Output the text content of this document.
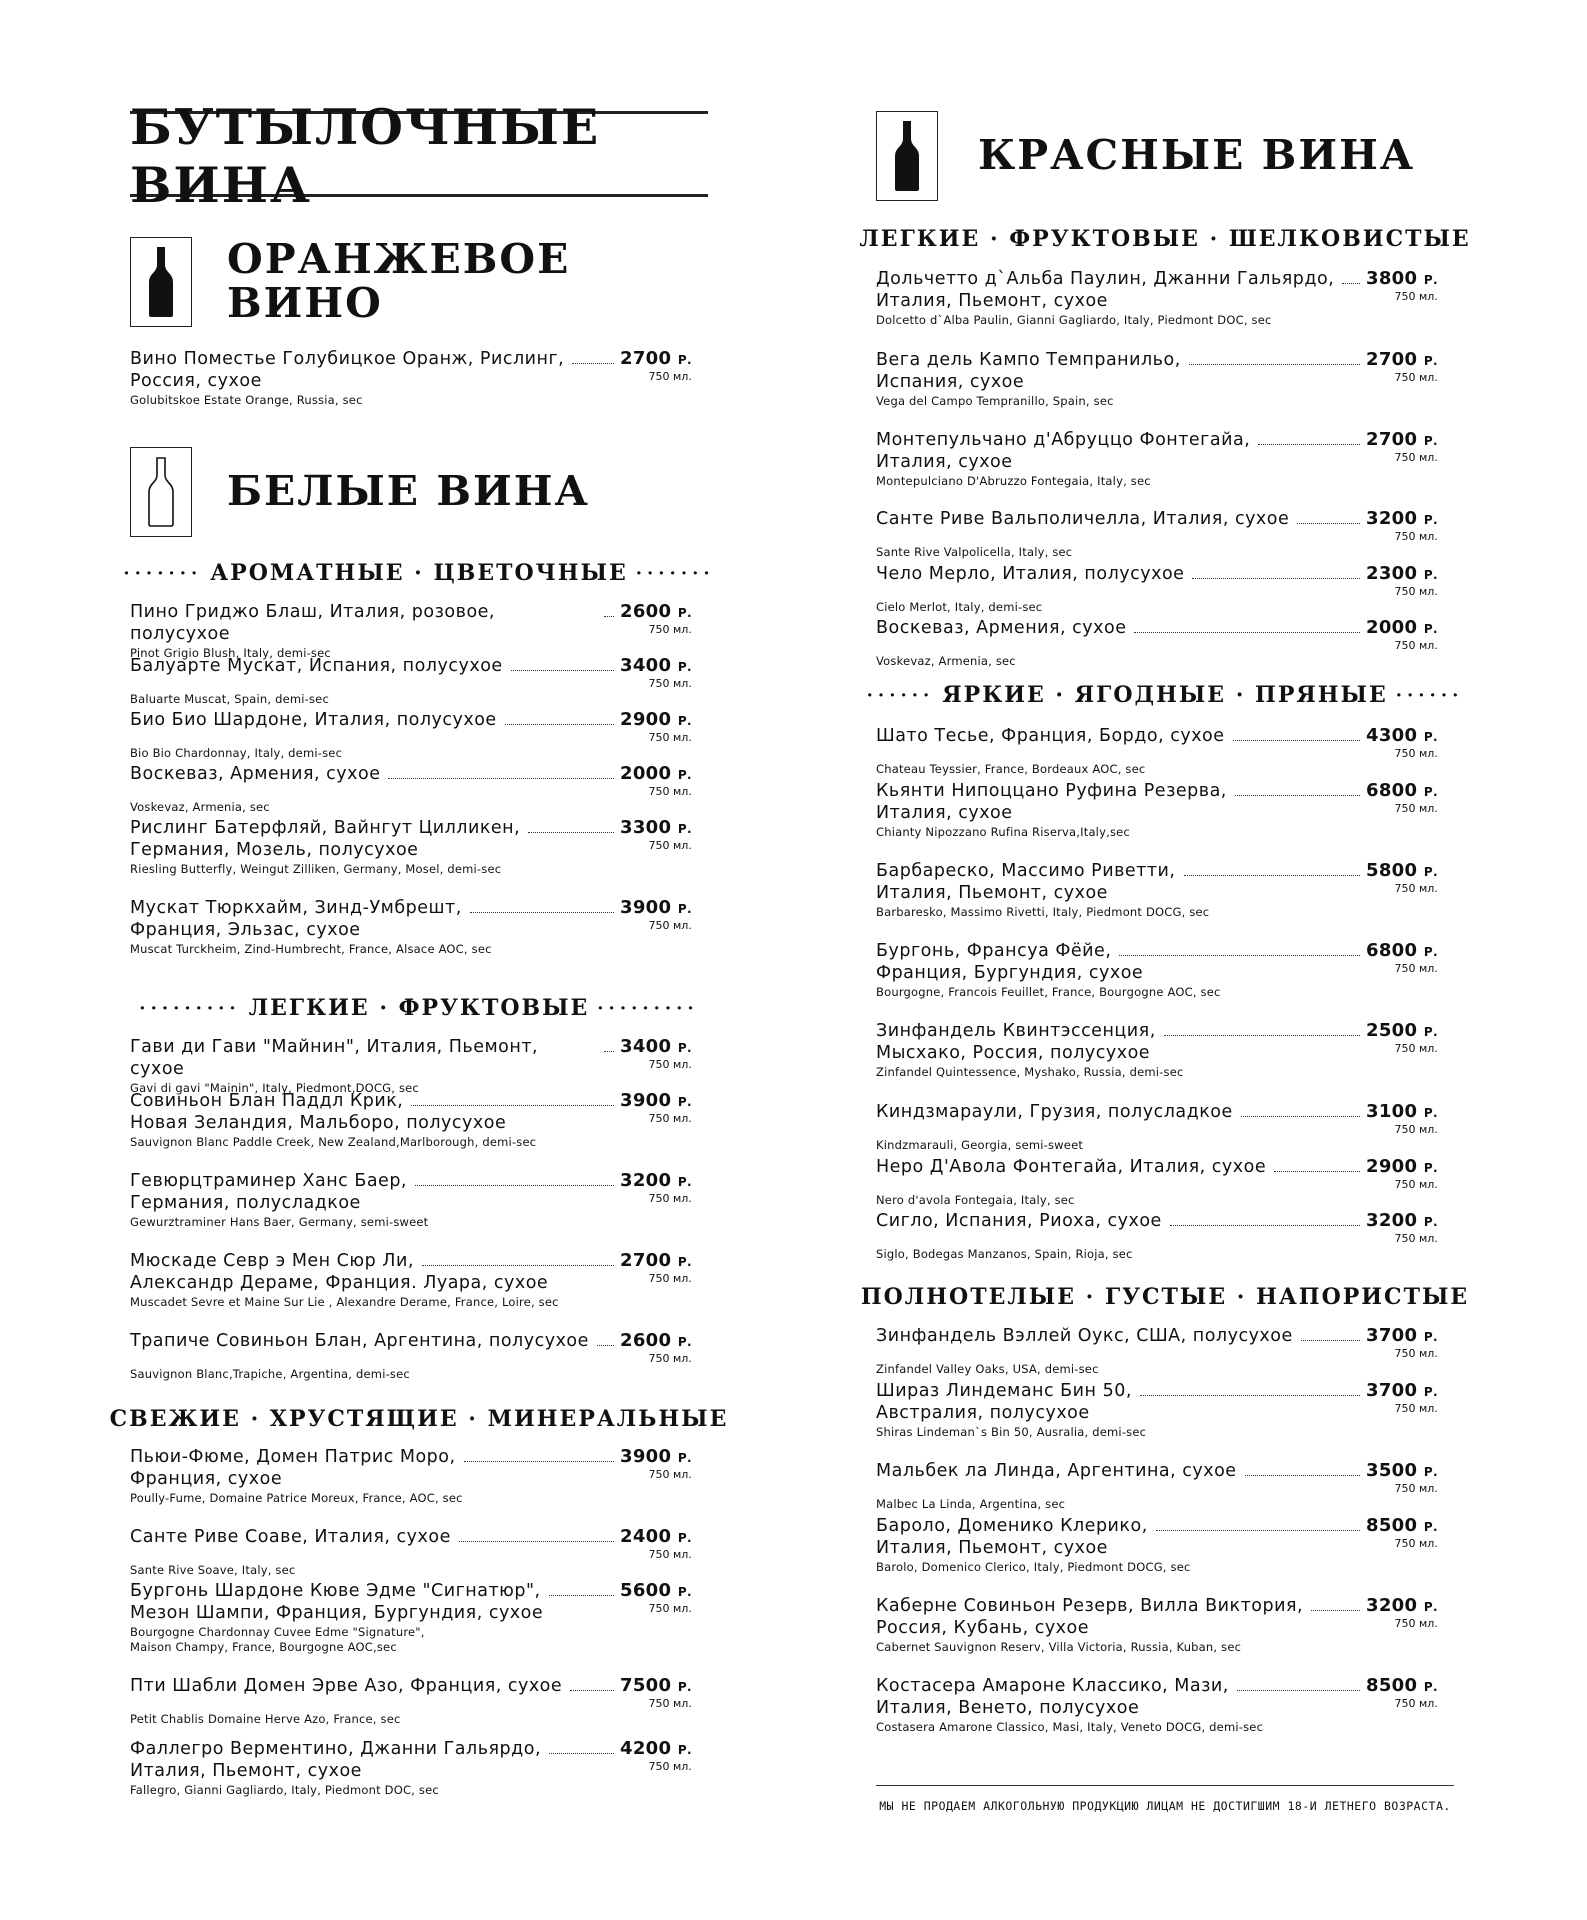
БУТЫЛОЧНЫЕ ВИНА
ОРАНЖЕВОЕ
ВИНО
БЕЛЫЕ ВИНА
Вино Поместье Голубицкое Оранж, Рислинг,
Россия, сухое
2700 Р.
750 мл.
Golubitskoe Estate Orange, Russia, sec
······· АРОМАТНЫЕ · ЦВЕТОЧНЫЕ ·······
Пино Гриджо Блаш, Италия, розовое, полусухое
2600 Р.
750 мл.
Pinot Grigio Blush, Italy, demi-sec
Балуарте Мускат, Испания, полусухое	3400 Р.
750 мл.
Baluarte Muscat, Spain, demi-sec
Био Био Шардоне, Италия, полусухое	2900 Р.
750 мл.
Bio Bio Chardonnay, Italy, demi-sec
Воскеваз, Армения, сухое	2000 Р.
750 мл.
Voskevaz, Armenia, sec
Рислинг Батерфляй, Вайнгут Цилликен,
Германия, Мозель, полусухое
3300 Р.
750 мл.
Riesling Butterfly, Weingut Zilliken, Germany, Mosel, demi-sec
Мускат Тюркхайм, Зинд-Умбрешт,
Франция, Эльзас, сухое
3900 Р.
750 мл.
Muscat Turckheim, Zind-Humbrecht, France, Alsace AOC, sec
········· ЛЕГКИЕ · ФРУКТОВЫЕ ·········
Гави ди Гави "Майнин", Италия, Пьемонт, сухое
3400 Р.
750 мл.
Gavi di gavi "Mainin", Italy, Piedmont,DOCG, sec
Совиньон Блан Паддл Крик,
Новая Зеландия, Мальборо, полусухое
3900 Р.
750 мл.
Sauvignon Blanc Paddle Creek, New Zealand,Marlborough, demi-sec
Гевюрцтраминер Ханс Баер,
Германия, полусладкое
3200 Р.
750 мл.
Gewurztraminer Hans Baer, Germany, semi-sweet
Мюскаде Севр э Мен Сюр Ли,
Александр Дераме, Франция. Луара, сухое
2700 Р.
750 мл.
Muscadet Sevre et Maine Sur Lie , Alexandre Derame, France, Loire, sec
Трапиче Совиньон Блан, Аргентина, полусухое 2600 Р.
750 мл.
Sauvignon Blanc,Trapiche, Argentina, demi-sec
СВЕЖИЕ · ХРУСТЯЩИЕ · МИНЕРАЛЬНЫЕ
Пьюи-Фюме, Домен Патрис Моро,
Франция, сухое
3900 Р.
750 мл.
Poully-Fume, Domaine Patrice Moreux, France, AOC, sec
Санте Риве Соаве, Италия, сухое	2400 Р.
750 мл.
Sante Rive Soave, Italy, sec
Бургонь Шардоне Кюве Эдме "Сигнатюр",
Мезон Шампи, Франция, Бургундия, сухое
5600 Р.
750 мл.
Bourgogne Chardonnay Cuvee Edme "Signature",
Maison Champy, France, Bourgogne AOC,sec
Пти Шабли Домен Эрве Азо, Франция, сухое	7500 Р.
750 мл.
Petit Chablis Domaine Herve Azo, France, sec
Фаллегро Верментино, Джанни Гальярдо,
Италия, Пьемонт, сухое
4200 Р.
750 мл.
Fallegro, Gianni Gagliardo, Italy, Piedmont DOC, sec
КРАСНЫЕ ВИНА
ЛЕГКИЕ · ФРУКТОВЫЕ · ШЕЛКОВИСТЫЕ
Дольчетто д`Альба Паулин, Джанни Гальярдо,
Италия, Пьемонт, сухое
3800 Р.
750 мл.
Dolcetto d`Alba Paulin, Gianni Gagliardo, Italy, Piedmont DOC, sec
Вега дель Кампо Темпранильо,
Испания, сухое
2700 Р.
750 мл.
Vega del Campo Tempranillo, Spain, sec
Монтепульчано д'Абруццо Фонтегайа,
Италия, сухое
2700 Р.
750 мл.
Montepulciano D'Abruzzo Fontegaia, Italy, sec
Санте Риве Вальполичелла, Италия, сухое	3200 Р.
750 мл.
Sante Rive Valpolicella, Italy, sec
Чело Мерло, Италия, полусухое	2300 Р.
750 мл.
Cielo Merlot, Italy, demi-sec
Воскеваз, Армения, сухое	2000 Р.
750 мл.
Voskevaz, Armenia, sec
······ ЯРКИЕ · ЯГОДНЫЕ · ПРЯНЫЕ ······
Шато Тесье, Франция, Бордо, сухое	4300 Р.
750 мл.
Chateau Teyssier, France, Bordeaux AOC, sec
Кьянти Нипоццано Руфина Резерва,
Италия, сухое
6800 Р.
750 мл.
Chianty Nipozzano Rufina Riserva,Italy,sec
Барбареско, Массимо Риветти,
Италия, Пьемонт, сухое
5800 Р.
750 мл.
Barbaresko, Massimo Rivetti, Italy, Piedmont DOCG, sec
Бургонь, Франсуа Фёйе,
Франция, Бургундия, сухое
6800 Р.
750 мл.
Bourgogne, Francois Feuillet, France, Bourgogne AOC, sec
Зинфандель Квинтэссенция,
Мысхако, Россия, полусухое
2500 Р.
750 мл.
Zinfandel Quintessence, Myshako, Russia, demi-sec
Киндзмараули, Грузия, полусладкое	3100 Р.
750 мл.
Kindzmarauli, Georgia, semi-sweet
Неро Д'Авола Фонтегайа, Италия, сухое	2900 Р.
750 мл.
Nero d'avola Fontegaia, Italy, sec
Сигло, Испания, Риоха, сухое	3200 Р.
750 мл.
Siglo, Bodegas Manzanos, Spain, Rioja, sec
ПОЛНОТЕЛЫЕ · ГУСТЫЕ · НАПОРИСТЫЕ
Зинфандель Вэллей Оукс, США, полусухое	3700 Р.
750 мл.
Zinfandel Valley Oaks, USA, demi-sec
Шираз Линдеманс Бин 50,
Австралия, полусухое
3700 Р.
750 мл.
Shiras Lindeman`s Bin 50, Ausralia, demi-sec
Мальбек ла Линда, Аргентина, сухое	3500 Р.
750 мл.
Malbec La Linda, Argentina, sec
Бароло, Доменико Клерико,
Италия, Пьемонт, сухое
8500 Р.
750 мл.
Barolo, Domenico Clerico, Italy, Piedmont DOCG, sec
Каберне Совиньон Резерв, Вилла Виктория,
Россия, Кубань, сухое
3200 Р.
750 мл.
Cabernet Sauvignon Reserv, Villa Victoria, Russia, Kuban, sec
Костасера Амароне Классико, Мази,
Италия, Венето, полусухое
8500 Р.
750 мл.
Costasera Amarone Classico, Masi, Italy, Veneto DOCG, demi-sec
МЫ НЕ ПРОДАЕМ АЛКОГОЛЬНУЮ ПРОДУКЦИЮ ЛИЦАМ НЕ ДОСТИГШИМ 18-И ЛЕТНЕГО ВОЗРАСТА.
